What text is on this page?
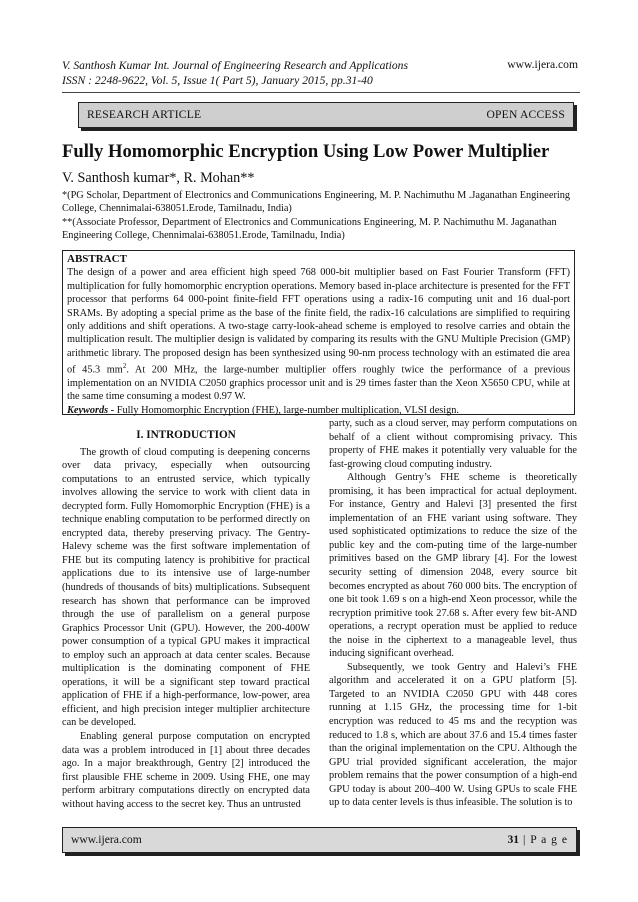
V. Santhosh Kumar Int. Journal of Engineering Research and Applications
ISSN : 2248-9622, Vol. 5, Issue 1( Part 5), January 2015, pp.31-40
www.ijera.com
RESEARCH ARTICLE	OPEN ACCESS
Fully Homomorphic Encryption Using Low Power Multiplier
V. Santhosh kumar*, R. Mohan**

*(PG Scholar, Department of Electronics and Communications Engineering, M. P. Nachimuthu M .Jaganathan Engineering College, Chennimalai-638051.Erode, Tamilnadu, India)

**(Associate Professor, Department of Electronics and Communications Engineering, M. P. Nachimuthu M. Jaganathan Engineering College, Chennimalai-638051.Erode, Tamilnadu, India)

ABSTRACT

The design of a power and area efficient high speed 768 000-bit multiplier based on Fast Fourier Transform (FFT) multiplication for fully homomorphic encryption operations. Memory based in-place architecture is presented for the FFT processor that performs 64 000-point finite-field FFT operations using a radix-16 computing unit and 16 dual-port SRAMs. By adopting a special prime as the base of the finite field, the radix-16 calculations are simplified to requiring only additions and shift operations. A two-stage carry-look-ahead scheme is employed to resolve carries and obtain the multiplication result. The multiplier design is validated by comparing its results with the GNU Multiple Precision (GMP) arithmetic library. The proposed design has been synthesized using 90-nm process technology with an estimated die area of 45.3 $mm^2$. At 200 MHz, the large-number multiplier offers roughly twice the performance of a previous implementation on an NVIDIA C2050 graphics processor unit and is 29 times faster than the Xeon X5650 CPU, while at the same time consuming a modest 0.97 W.

Keywords - Fully Homomorphic Encryption (FHE), large-number multiplication, VLSI design.

I. INTRODUCTION

The growth of cloud computing is deepening concerns over data privacy, especially when outsourcing computations to an entrusted service, which typically involves allowing the service to work with client data in decrypted form. Fully Homomorphic Encryption (FHE) is a technique enabling computation to be performed directly on encrypted data, thereby preserving privacy. The Gentry-Halevy scheme was the first software implementation of FHE but its computing latency is prohibitive for practical applications due to its intensive use of large-number (hundreds of thousands of bits) multiplications. Subsequent research has shown that performance can be improved through the use of parallelism on a general purpose Graphics Processor Unit (GPU). However, the 200-400W power consumption of a typical GPU makes it impractical to employ such an approach at data center scales. Because multiplication is the dominating component of FHE operations, it will be a significant step toward practical application of FHE if a high-performance, low-power, area efficient, and high precision integer multiplier architecture can be developed.

Enabling general purpose computation on encrypted data was a problem introduced in [1] about three decades ago. In a major breakthrough, Gentry [2] introduced the first plausible FHE scheme in 2009. Using FHE, one may perform arbitrary computations directly on encrypted data without having access to the secret key. Thus an untrusted

party, such as a cloud server, may perform computations on behalf of a client without compromising privacy. This property of FHE makes it potentially very valuable for the fast-growing cloud computing industry.

Although Gentry’s FHE scheme is theoretically promising, it has been impractical for actual deployment. For instance, Gentry and Halevi [3] presented the first implementation of an FHE variant using software. They used sophisticated optimizations to reduce the size of the public key and the com-puting time of the large-number primitives based on the GMP library [4]. For the lowest security setting of dimension 2048, every source bit becomes encrypted as about 760 000 bits. The encryption of one bit took 1.69 s on a high-end Xeon processor, while the recryption primitive took 27.68 s. After every few bit-AND operations, a recrypt operation must be applied to reduce the noise in the ciphertext to a manageable level, thus inducing significant overhead.

Subsequently, we took Gentry and Halevi’s FHE algorithm and accelerated it on a GPU platform [5]. Targeted to an NVIDIA C2050 GPU with 448 cores running at 1.15 GHz, the processing time for 1-bit encryption was reduced to 45 ms and the recyption was reduced to 1.8 s, which are about 37.6 and 15.4 times faster than the original implementation on the CPU. Although the GPU trial provided significant acceleration, the major problem remains that the power consumption of a high-end GPU today is about 200–400 W. Using GPUs to scale FHE up to data center levels is thus infeasible. The solution is to

www.ijera.com	31 | P a g e
